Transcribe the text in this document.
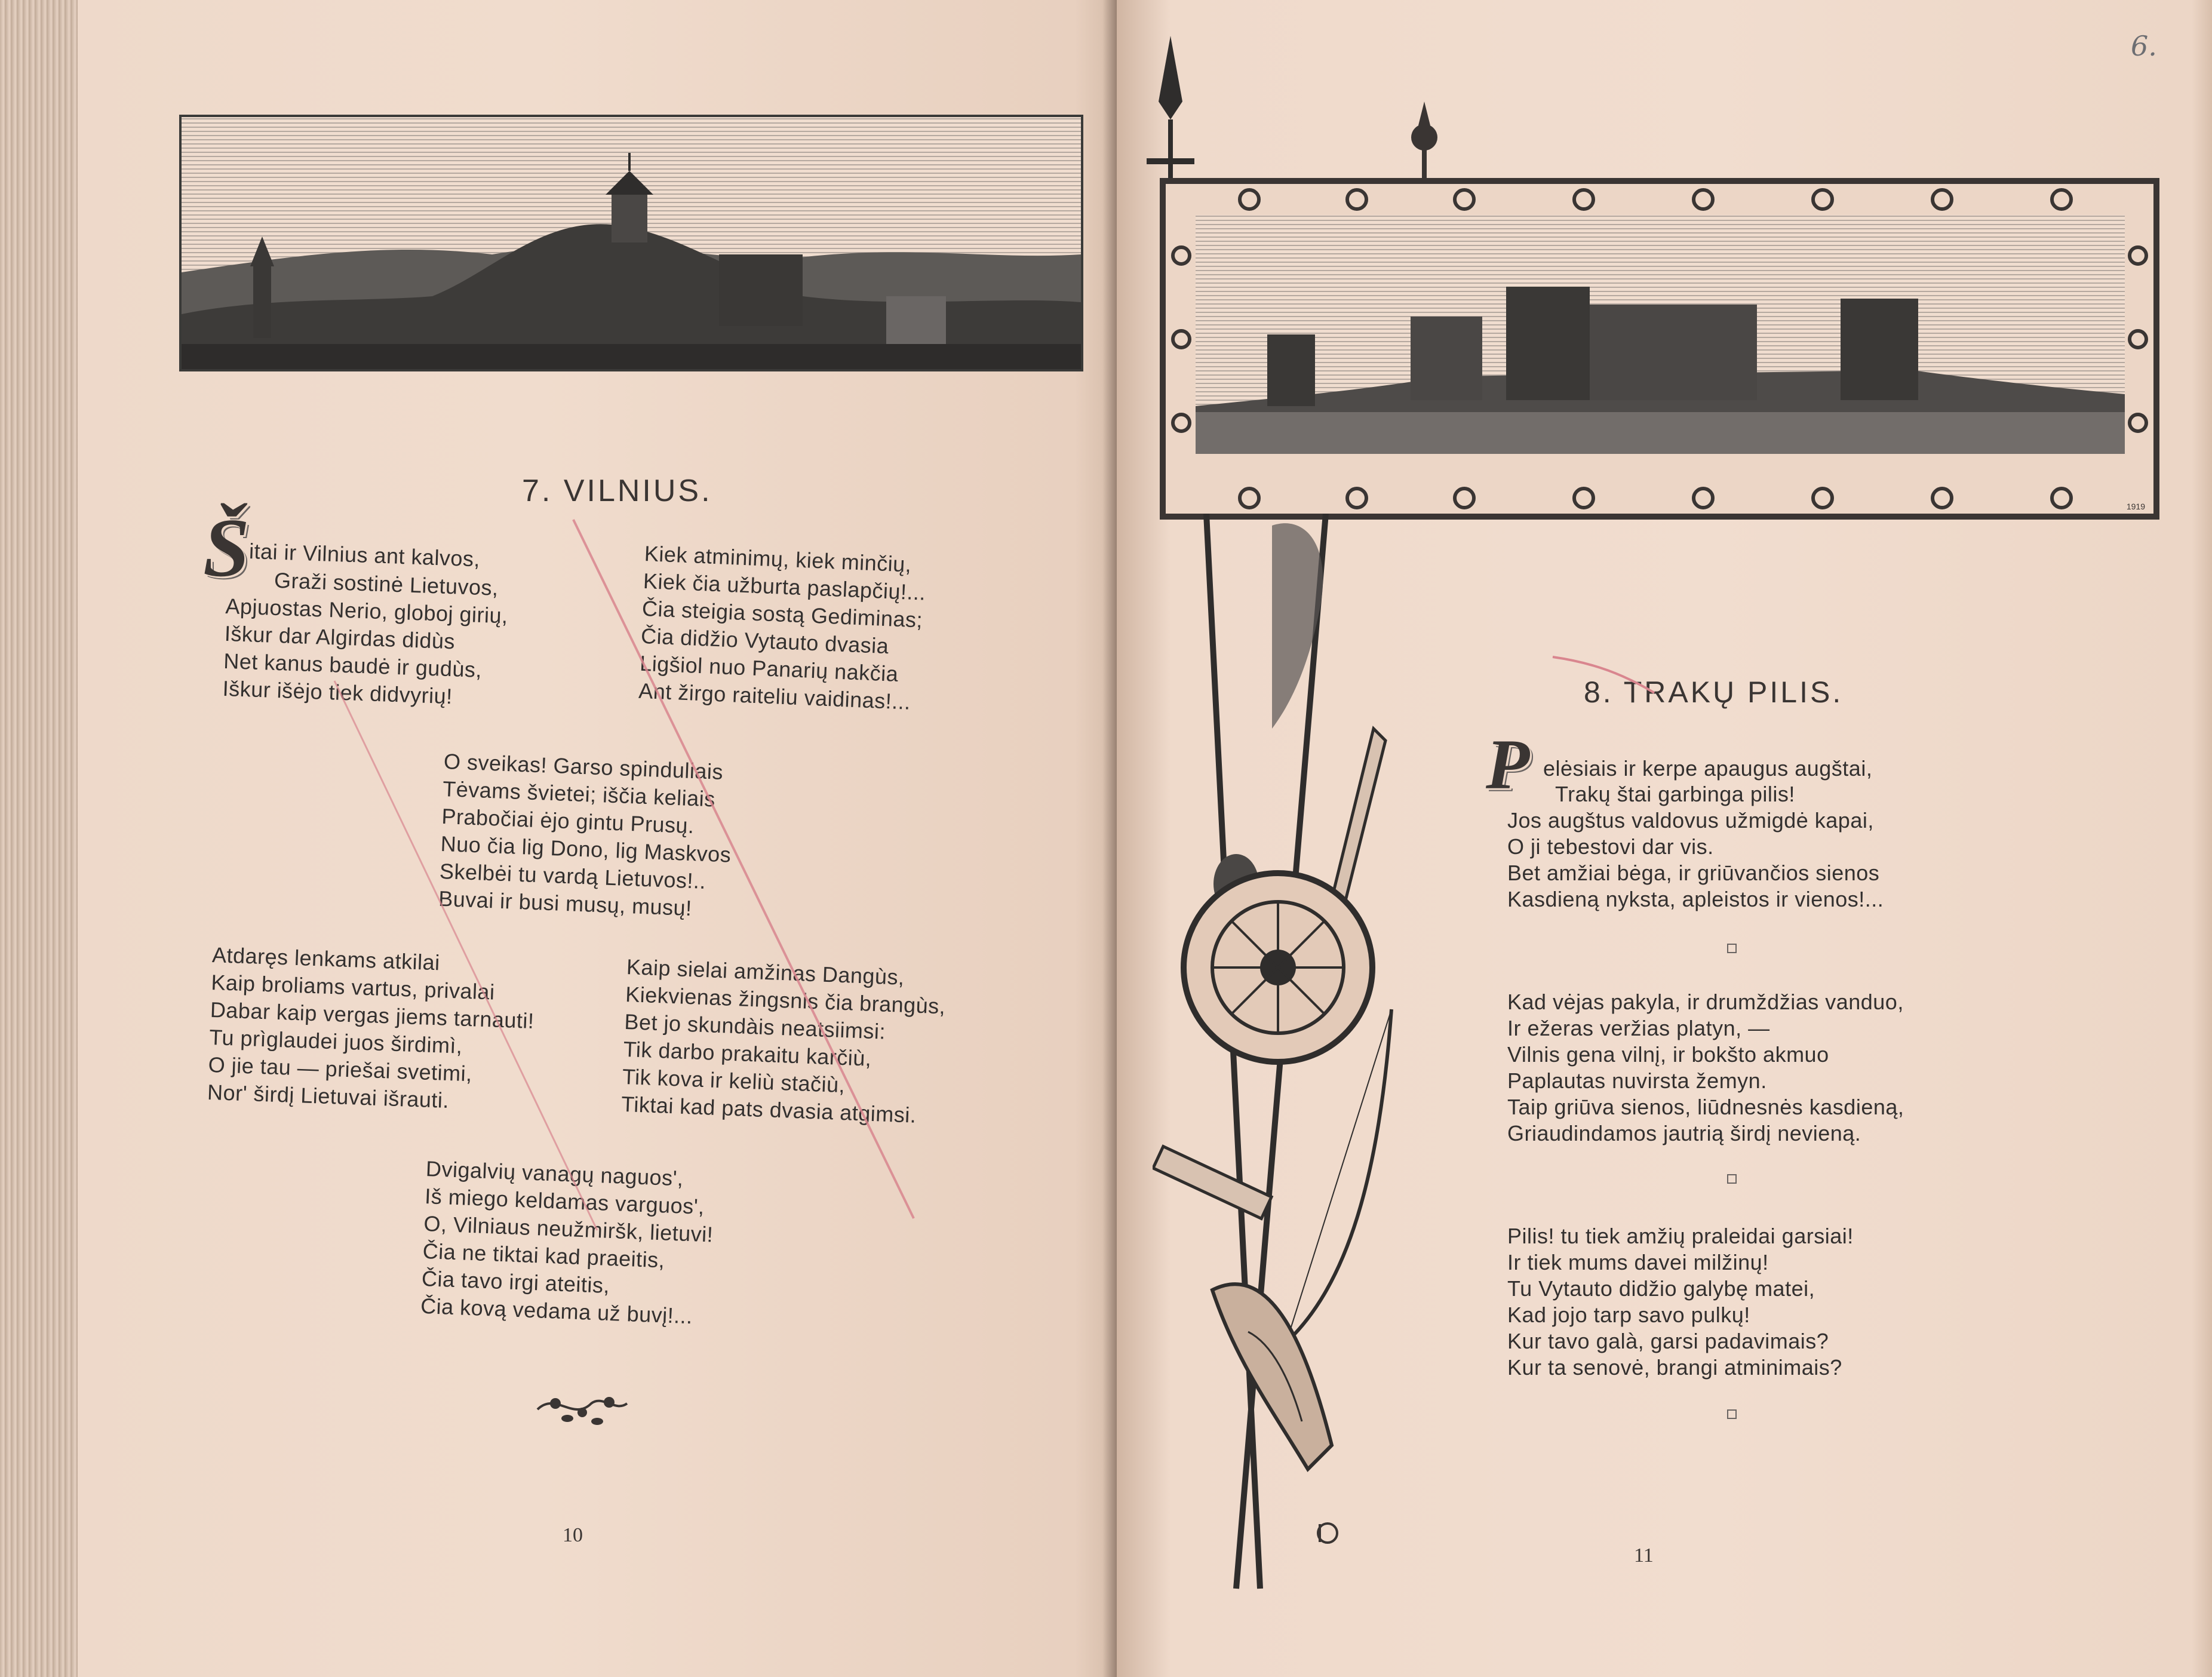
7. VILNIUS.
Š
itai ir Vilnius ant kalvos,
Graži sostinė Lietuvos,
Apjuostas Nerio, globoj girių,
Iškur dar Algirdas didùs
Net kanus baudė ir gudùs,
Iškur išėjo tiek didvyrių!
Kiek atminimų, kiek minčių,
Kiek čia užburta paslapčių!...
Čia steigia sostą Gediminas;
Čia didžio Vytauto dvasia
Ligšiol nuo Panarių nakčia
Ant žirgo raiteliu vaidinas!...
O sveikas! Garso spinduliais
Tėvams švietei; iščia keliais
Prabočiai ėjo gintu Prusų.
Nuo čia lig Dono, lig Maskvos
Skelbėi tu vardą Lietuvos!..
Buvai ir busi musų, musų!
Atdaręs lenkams atkilai
Kaip broliams vartus, privalai
Dabar kaip vergas jiems tarnauti!
Tu prìglaudei juos širdimì,
O jie tau — priešai svetimi,
Nor' širdį Lietuvai išrauti.
Kaip sielai amžinas Dangùs,
Kiekvienas žingsnis čia brangùs,
Bet jo skundàis neatsiimsi:
Tik darbo prakaitu karčiù,
Tik kova ir keliù stačiù,
Tiktai kad pats dvasia atgimsi.
Dvigalvių vanagų naguos',
Iš miego keldamas varguos',
O, Vilniaus neužmiršk, lietuvi!
Čia ne tiktai kad praeitis,
Čia tavo irgi ateitis,
Čia kovą vedama už buvį!...
10
6.
1919
8. TRAKŲ PILIS.
P elėsiais ir kerpe apaugus augštai,
Trakų štai garbinga pilis!
Jos augštus valdovus užmigdė kapai,
O ji tebestovi dar vis.
Bet amžiai bėga, ir griūvančios sienos
Kasdieną nyksta, apleistos ir vienos!...
Kad vėjas pakyla, ir drumždžias vanduo,
Ir ežeras veržias platyn, —
Vilnis gena vilnį, ir bokšto akmuo
Paplautas nuvirsta žemyn.
Taip griūva sienos, liūdnesnės kasdieną,
Griaudindamos jautrią širdį nevieną.
Pilis! tu tiek amžių praleidai garsiai!
Ir tiek mums davei milžinų!
Tu Vytauto didžio galybę matei,
Kad jojo tarp savo pulkų!
Kur tavo galà, garsi padavimais?
Kur ta senovė, brangi atminimais?
11
